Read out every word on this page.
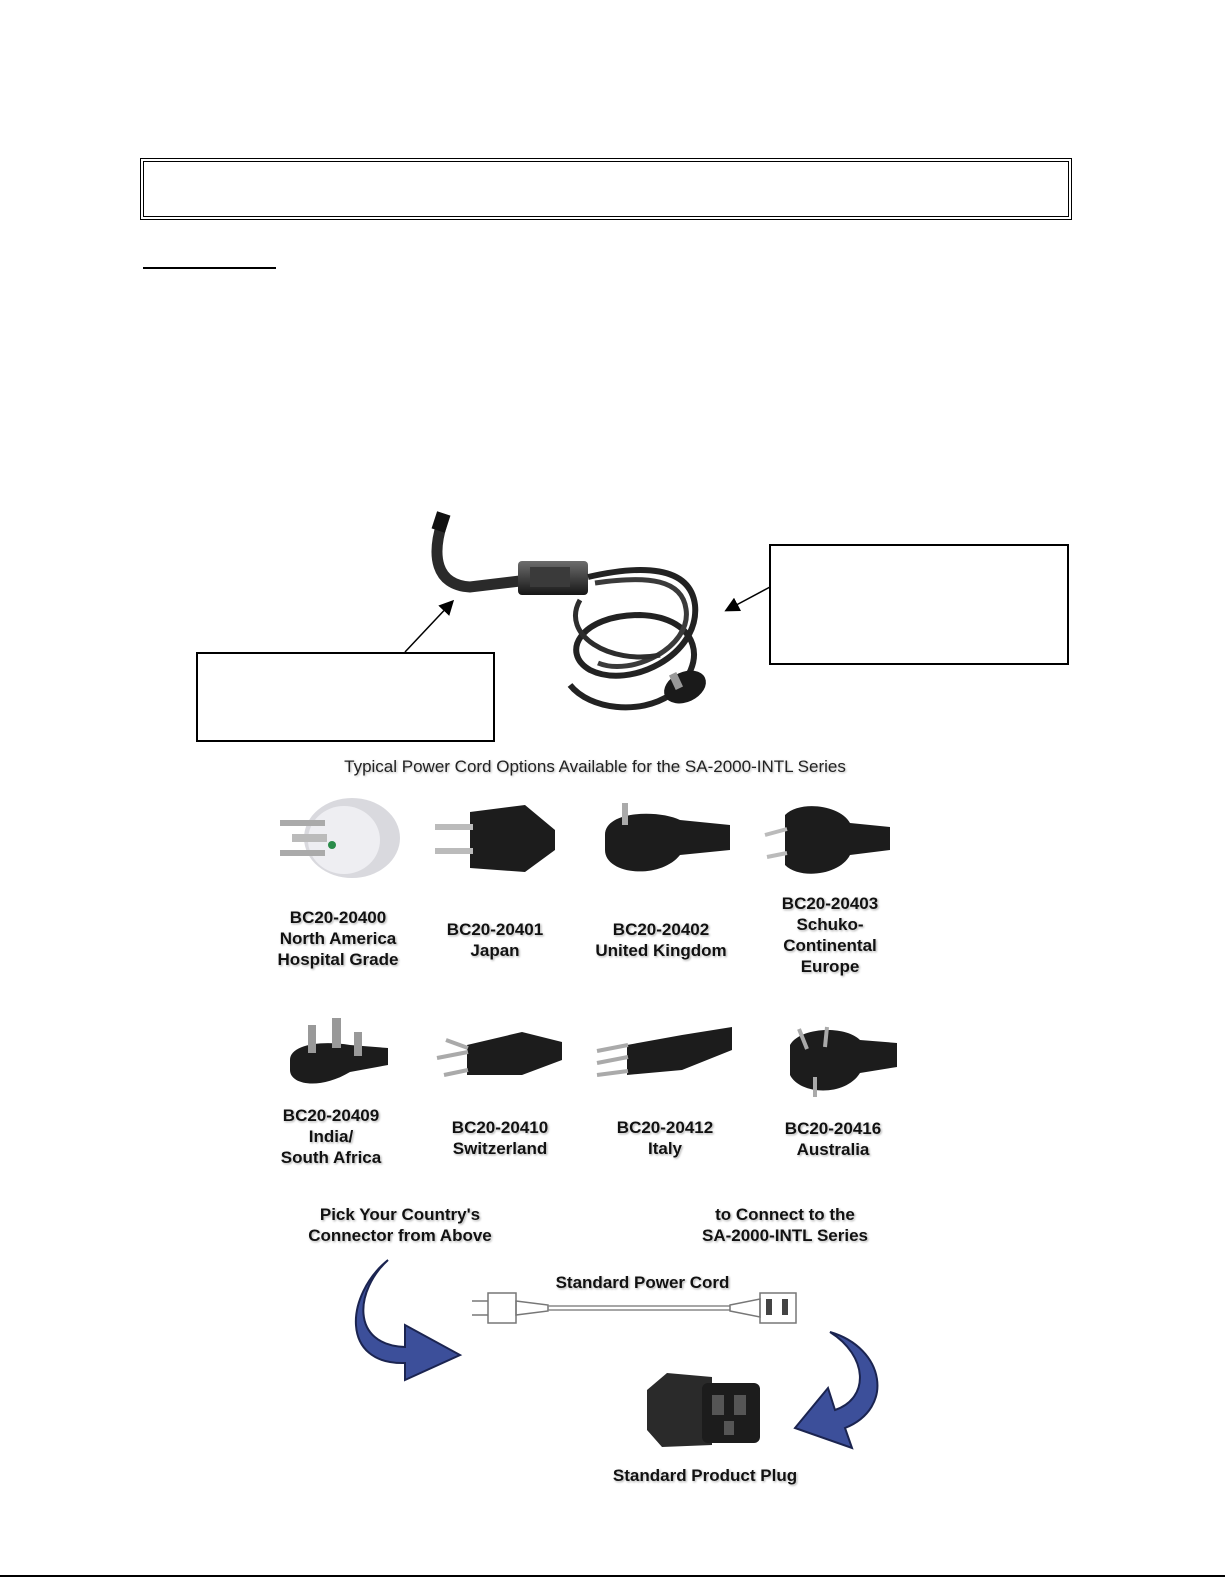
Typical Power Cord Options Available for the SA-2000-INTL Series
BC20-20400
North America
Hospital Grade
BC20-20401
Japan
BC20-20402
United Kingdom
BC20-20403
Schuko-
Continental
Europe
BC20-20409
India/
South Africa
BC20-20410
Switzerland
BC20-20412
Italy
BC20-20416
Australia
Pick Your Country's
Connector from Above
to Connect to the
SA-2000-INTL Series
Standard Power Cord
Standard Product Plug
